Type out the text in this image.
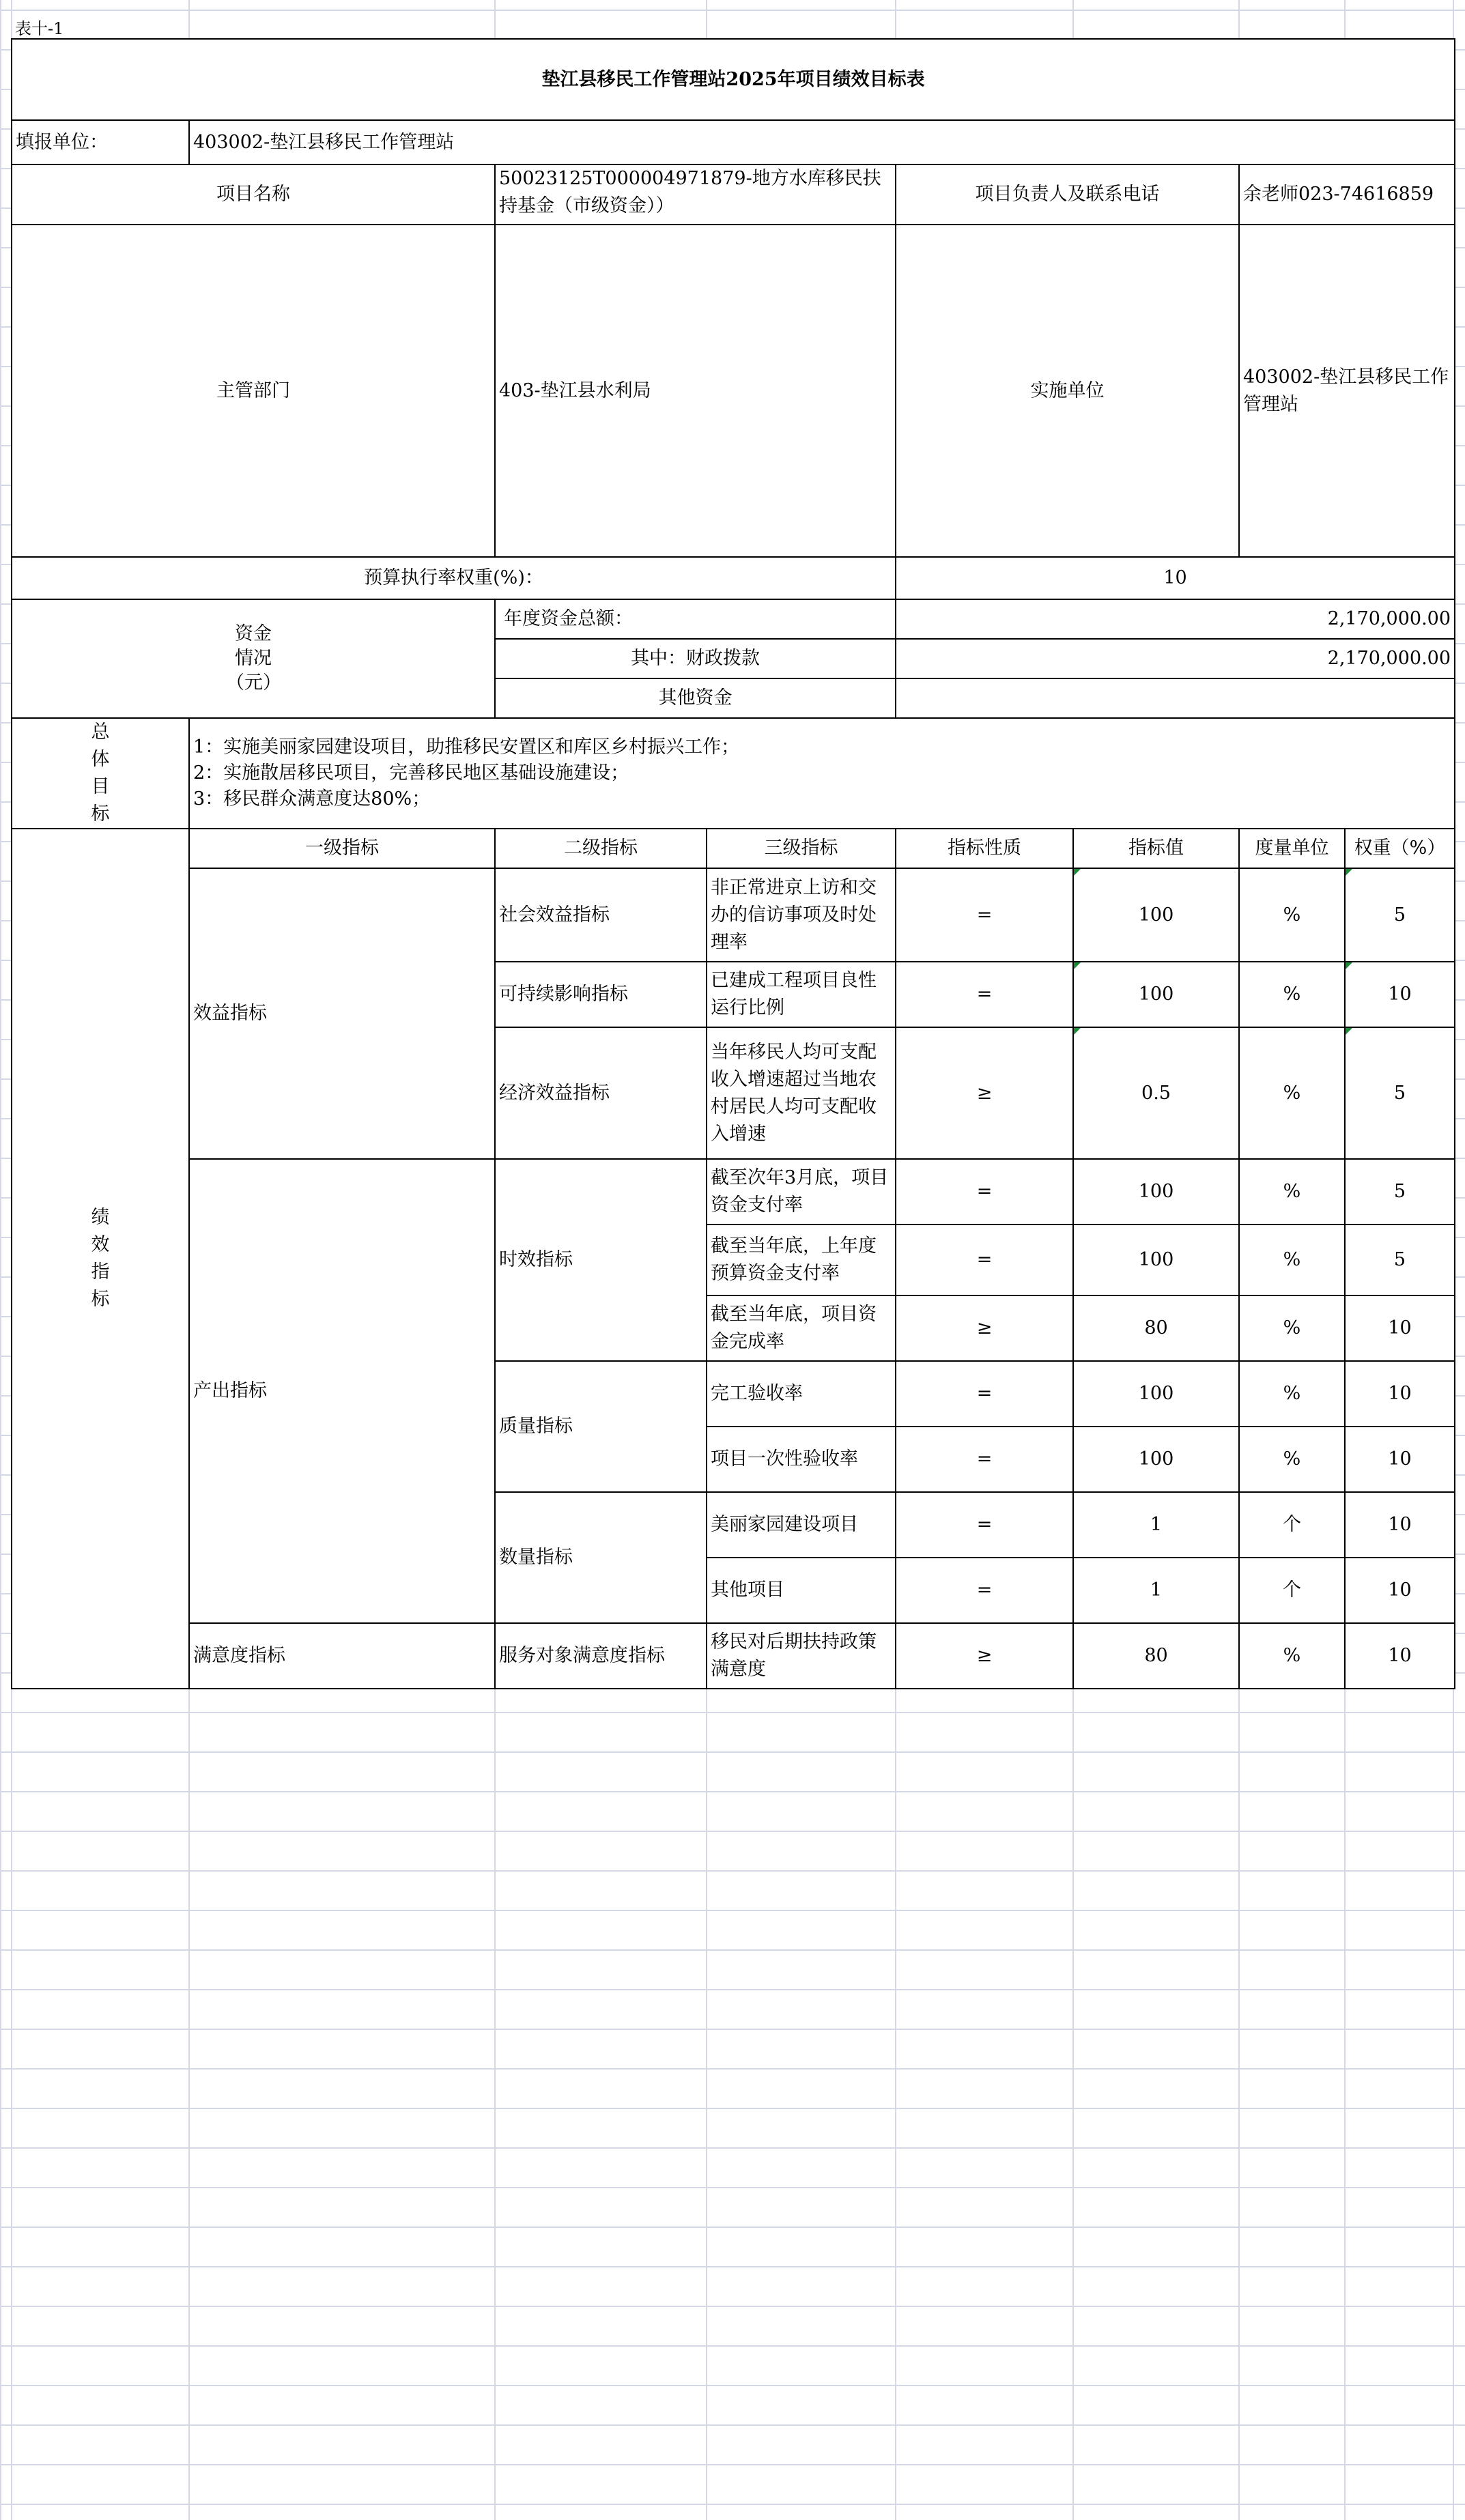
表十-1
垫江县移民工作管理站2025年项目绩效目标表							
填报单位：	403002-垫江县移民工作管理站						
项目名称		50023125T000004971879-地方水库移民扶持基金（市级资金））		项目负责人及联系电话		余老师023-74616859	
主管部门		403-垫江县水利局		实施单位		403002-垫江县移民工作管理站	
预算执行率权重(%)：				10			

资金情况（元）		年度资金总额：		2,170,000.00			
		其中：财政拨款		2,170,000.00			
		其他资金					

总体目标	1：实施美丽家园建设项目，助推移民安置区和库区乡村振兴工作；
2：实施散居移民项目，完善移民地区基础设施建设；
3：移民群众满意度达80%；						

绩效指标	一级指标	二级指标	三级指标	指标性质	指标值	度量单位	权重（%）
	效益指标	社会效益指标	非正常进京上访和交办的信访事项及时处理率	=	100	%	5
		可持续影响指标	已建成工程项目良性运行比例	=	100	%	10
		经济效益指标	当年移民人均可支配收入增速超过当地农村居民人均可支配收入增速	≥	0.5	%	5
	产出指标	时效指标	截至次年3月底，项目资金支付率	=	100	%	5
			截至当年底，上年度预算资金支付率	=	100	%	5
			截至当年底，项目资金完成率	≥	80	%	10
		质量指标	完工验收率	=	100	%	10
			项目一次性验收率	=	100	%	10
		数量指标	美丽家园建设项目	=	1	个	10
			其他项目	=	1	个	10
	满意度指标	服务对象满意度指标	移民对后期扶持政策满意度	≥	80	%	10
